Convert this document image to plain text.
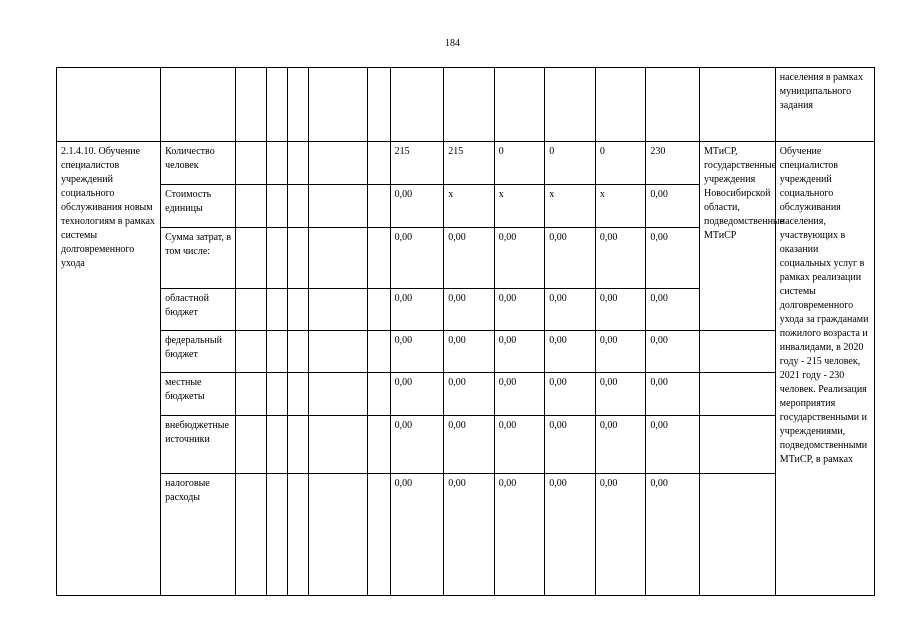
184
														населения в рамках муниципального задания
2.1.4.10. Обучение специалистов учреждений социального обслуживания новым технологиям в рамках системы долговременного ухода	Количество человек						215	215	0	0	0	230	МТиСР, государственные учреждения Новосибирской области, подведомственные МТиСР	Обучение специалистов учреждений социального обслуживания населения, участвующих в оказании социальных услуг в рамках реализации системы долговременного ухода за гражданами пожилого возраста и инвалидами, в 2020 году - 215 человек, 2021 году - 230 человек. Реализация мероприятия государственными и учреждениями, подведомственными МТиСР, в рамках
	Стоимость единицы						0,00	x	x	x	x	0,00		
	Сумма затрат, в том числе:						0,00	0,00	0,00	0,00	0,00	0,00		
	областной бюджет						0,00	0,00	0,00	0,00	0,00	0,00		
	федеральный бюджет						0,00	0,00	0,00	0,00	0,00	0,00		
	местные бюджеты						0,00	0,00	0,00	0,00	0,00	0,00		
	внебюджетные источники						0,00	0,00	0,00	0,00	0,00	0,00		
	налоговые расходы						0,00	0,00	0,00	0,00	0,00	0,00		
